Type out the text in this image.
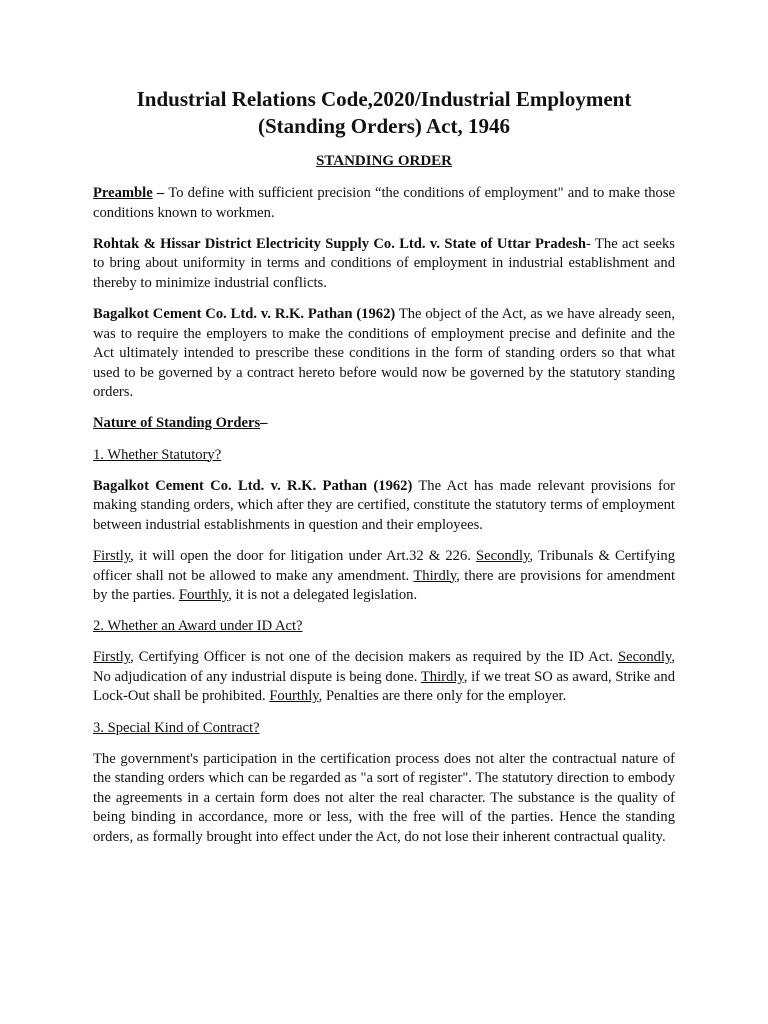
Industrial Relations Code,2020/Industrial Employment (Standing Orders) Act, 1946
STANDING ORDER

Preamble – To define with sufficient precision “the conditions of employment" and to make those conditions known to workmen.

Rohtak & Hissar District Electricity Supply Co. Ltd. v. State of Uttar Pradesh- The act seeks to bring about uniformity in terms and conditions of employment in industrial establishment and thereby to minimize industrial conflicts.

Bagalkot Cement Co. Ltd. v. R.K. Pathan (1962) The object of the Act, as we have already seen, was to require the employers to make the conditions of employment precise and definite and the Act ultimately intended to prescribe these conditions in the form of standing orders so that what used to be governed by a contract hereto before would now be governed by the statutory standing orders.

Nature of Standing Orders–

1. Whether Statutory?

Bagalkot Cement Co. Ltd. v. R.K. Pathan (1962) The Act has made relevant provisions for making standing orders, which after they are certified, constitute the statutory terms of employment between industrial establishments in question and their employees.

Firstly, it will open the door for litigation under Art.32 & 226. Secondly, Tribunals & Certifying officer shall not be allowed to make any amendment. Thirdly, there are provisions for amendment by the parties. Fourthly, it is not a delegated legislation.

2. Whether an Award under ID Act?

Firstly, Certifying Officer is not one of the decision makers as required by the ID Act. Secondly, No adjudication of any industrial dispute is being done. Thirdly, if we treat SO as award, Strike and Lock-Out shall be prohibited. Fourthly, Penalties are there only for the employer.

3. Special Kind of Contract?

The government's participation in the certification process does not alter the contractual nature of the standing orders which can be regarded as "a sort of register". The statutory direction to embody the agreements in a certain form does not alter the real character. The substance is the quality of being binding in accordance, more or less, with the free will of the parties. Hence the standing orders, as formally brought into effect under the Act, do not lose their inherent contractual quality.
